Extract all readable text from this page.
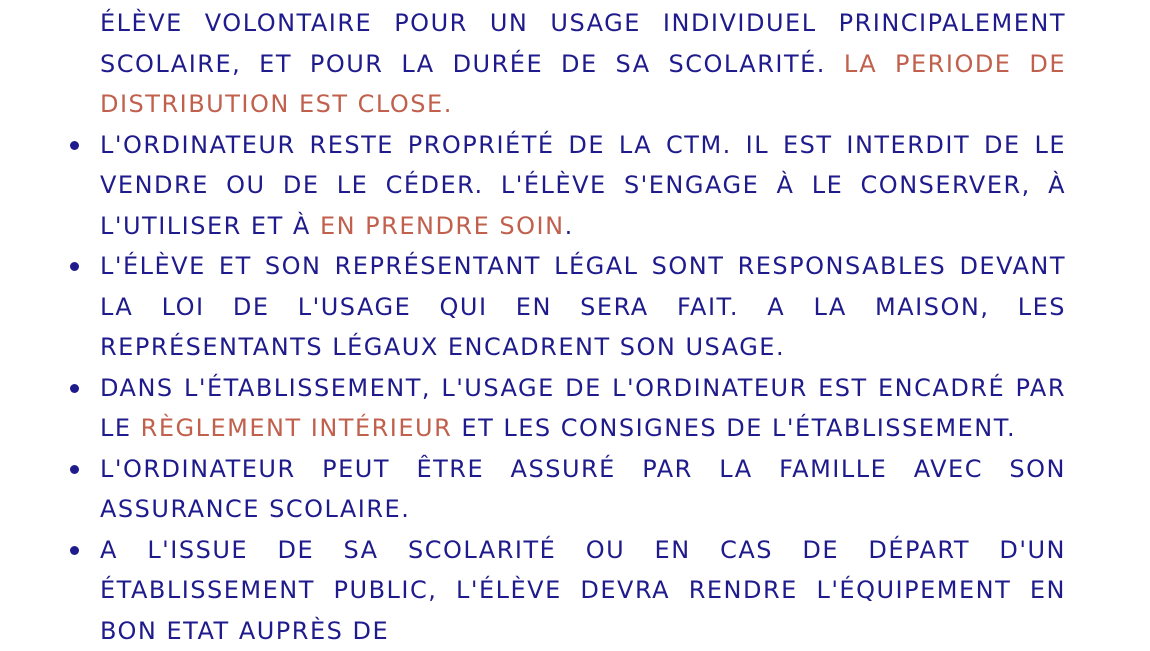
ÉLÈVE VOLONTAIRE POUR UN USAGE INDIVIDUEL PRINCIPALEMENT SCOLAIRE, ET POUR LA DURÉE DE SA SCOLARITÉ. LA PERIODE DE DISTRIBUTION EST CLOSE.

L'ORDINATEUR RESTE PROPRIÉTÉ DE LA CTM. IL EST INTERDIT DE LE VENDRE OU DE LE CÉDER. L'ÉLÈVE S'ENGAGE À LE CONSERVER, À L'UTILISER ET À EN PRENDRE SOIN.

L'ÉLÈVE ET SON REPRÉSENTANT LÉGAL SONT RESPONSABLES DEVANT LA LOI DE L'USAGE QUI EN SERA FAIT. A LA MAISON, LES REPRÉSENTANTS LÉGAUX ENCADRENT SON USAGE.

DANS L'ÉTABLISSEMENT, L'USAGE DE L'ORDINATEUR EST ENCADRÉ PAR LE RÈGLEMENT INTÉRIEUR ET LES CONSIGNES DE L'ÉTABLISSEMENT.

L'ORDINATEUR PEUT ÊTRE ASSURÉ PAR LA FAMILLE AVEC SON ASSURANCE SCOLAIRE.

A L'ISSUE DE SA SCOLARITÉ OU EN CAS DE DÉPART D'UN ÉTABLISSEMENT PUBLIC, L'ÉLÈVE DEVRA RENDRE L'ÉQUIPEMENT EN BON ETAT AUPRÈS DE
